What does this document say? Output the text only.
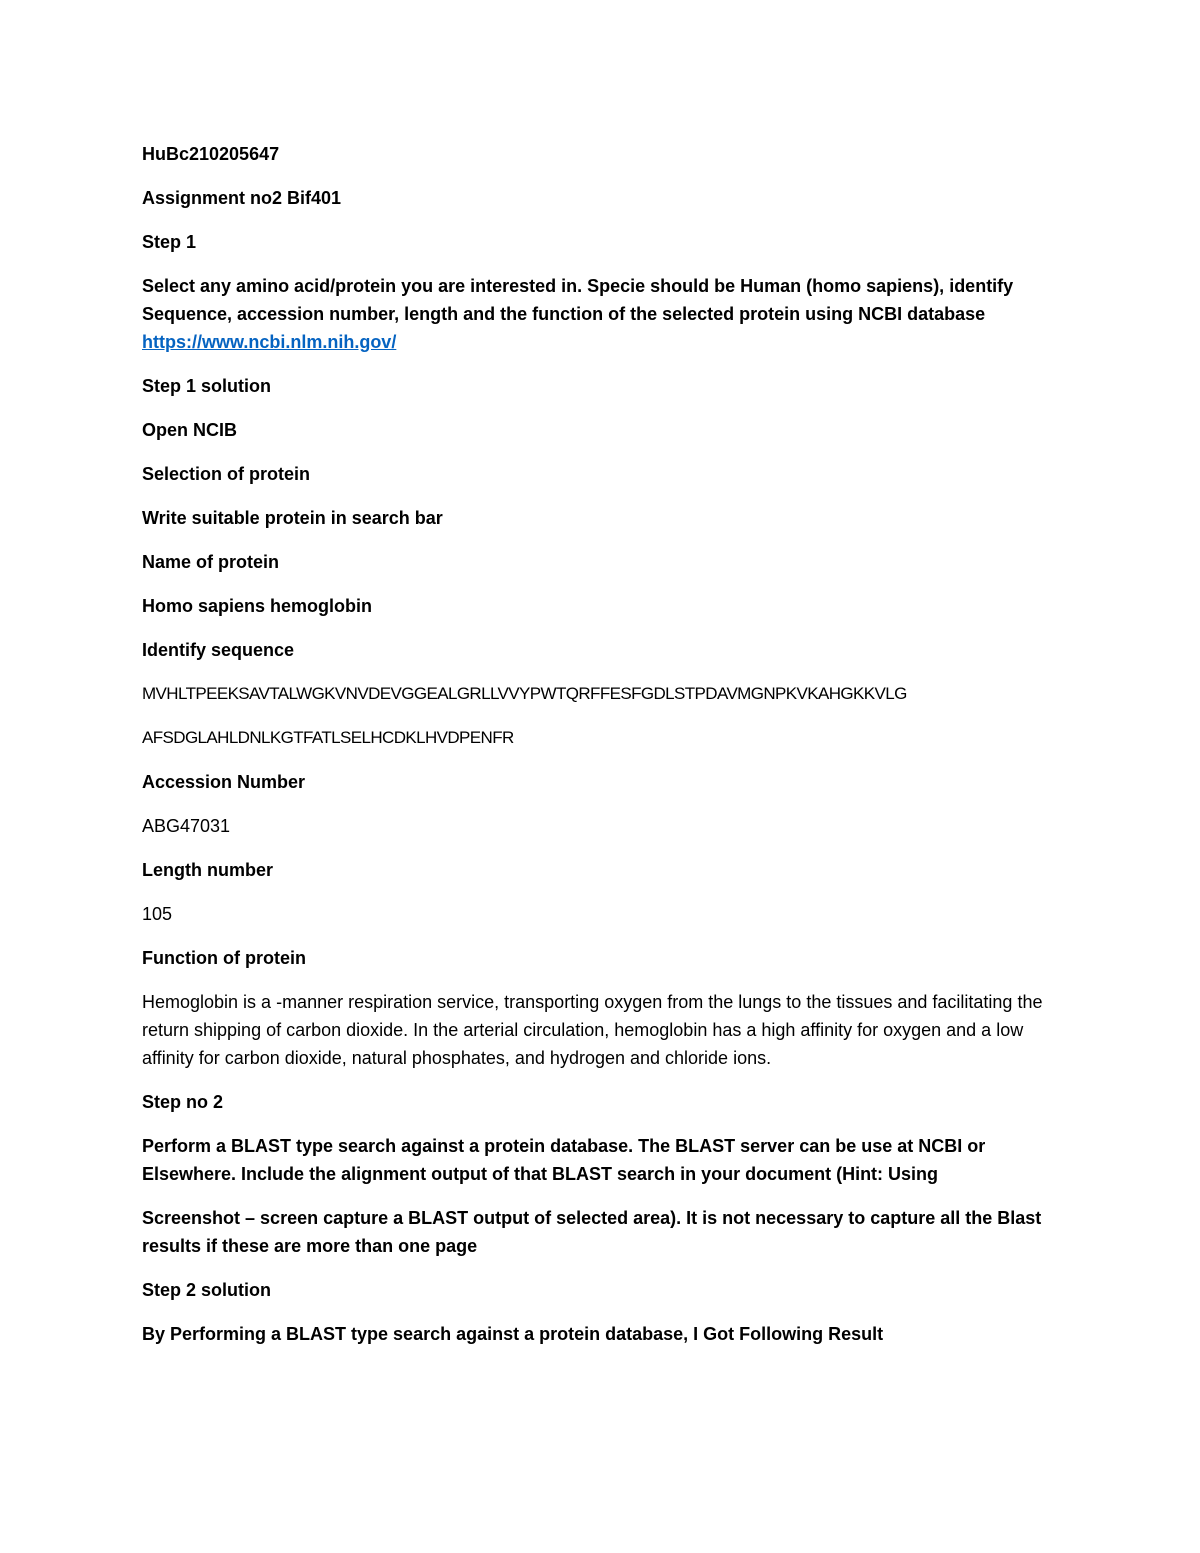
HuBc210205647

Assignment no2 Bif401

Step 1

Select any amino acid/protein you are interested in. Specie should be Human (homo sapiens), identify Sequence, accession number, length and the function of the selected protein using NCBI database https://www.ncbi.nlm.nih.gov/

Step 1 solution

Open NCIB

Selection of protein

Write suitable protein in search bar

Name of protein

Homo sapiens hemoglobin

Identify sequence

MVHLTPEEKSAVTALWGKVNVDEVGGEALGRLLVVYPWTQRFFESFGDLSTPDAVMGNPKVKAHGKKVLG

AFSDGLAHLDNLKGTFATLSELHCDKLHVDPENFR

Accession Number

ABG47031

Length number

105

Function of protein

Hemoglobin is a -manner respiration service, transporting oxygen from the lungs to the tissues and facilitating the return shipping of carbon dioxide. In the arterial circulation, hemoglobin has a high affinity for oxygen and a low affinity for carbon dioxide, natural phosphates, and hydrogen and chloride ions.

Step no 2

Perform a BLAST type search against a protein database. The BLAST server can be use at NCBI or Elsewhere. Include the alignment output of that BLAST search in your document (Hint: Using

Screenshot – screen capture a BLAST output of selected area). It is not necessary to capture all the Blast results if these are more than one page

Step 2 solution

By Performing a BLAST type search against a protein database, I Got Following Result
